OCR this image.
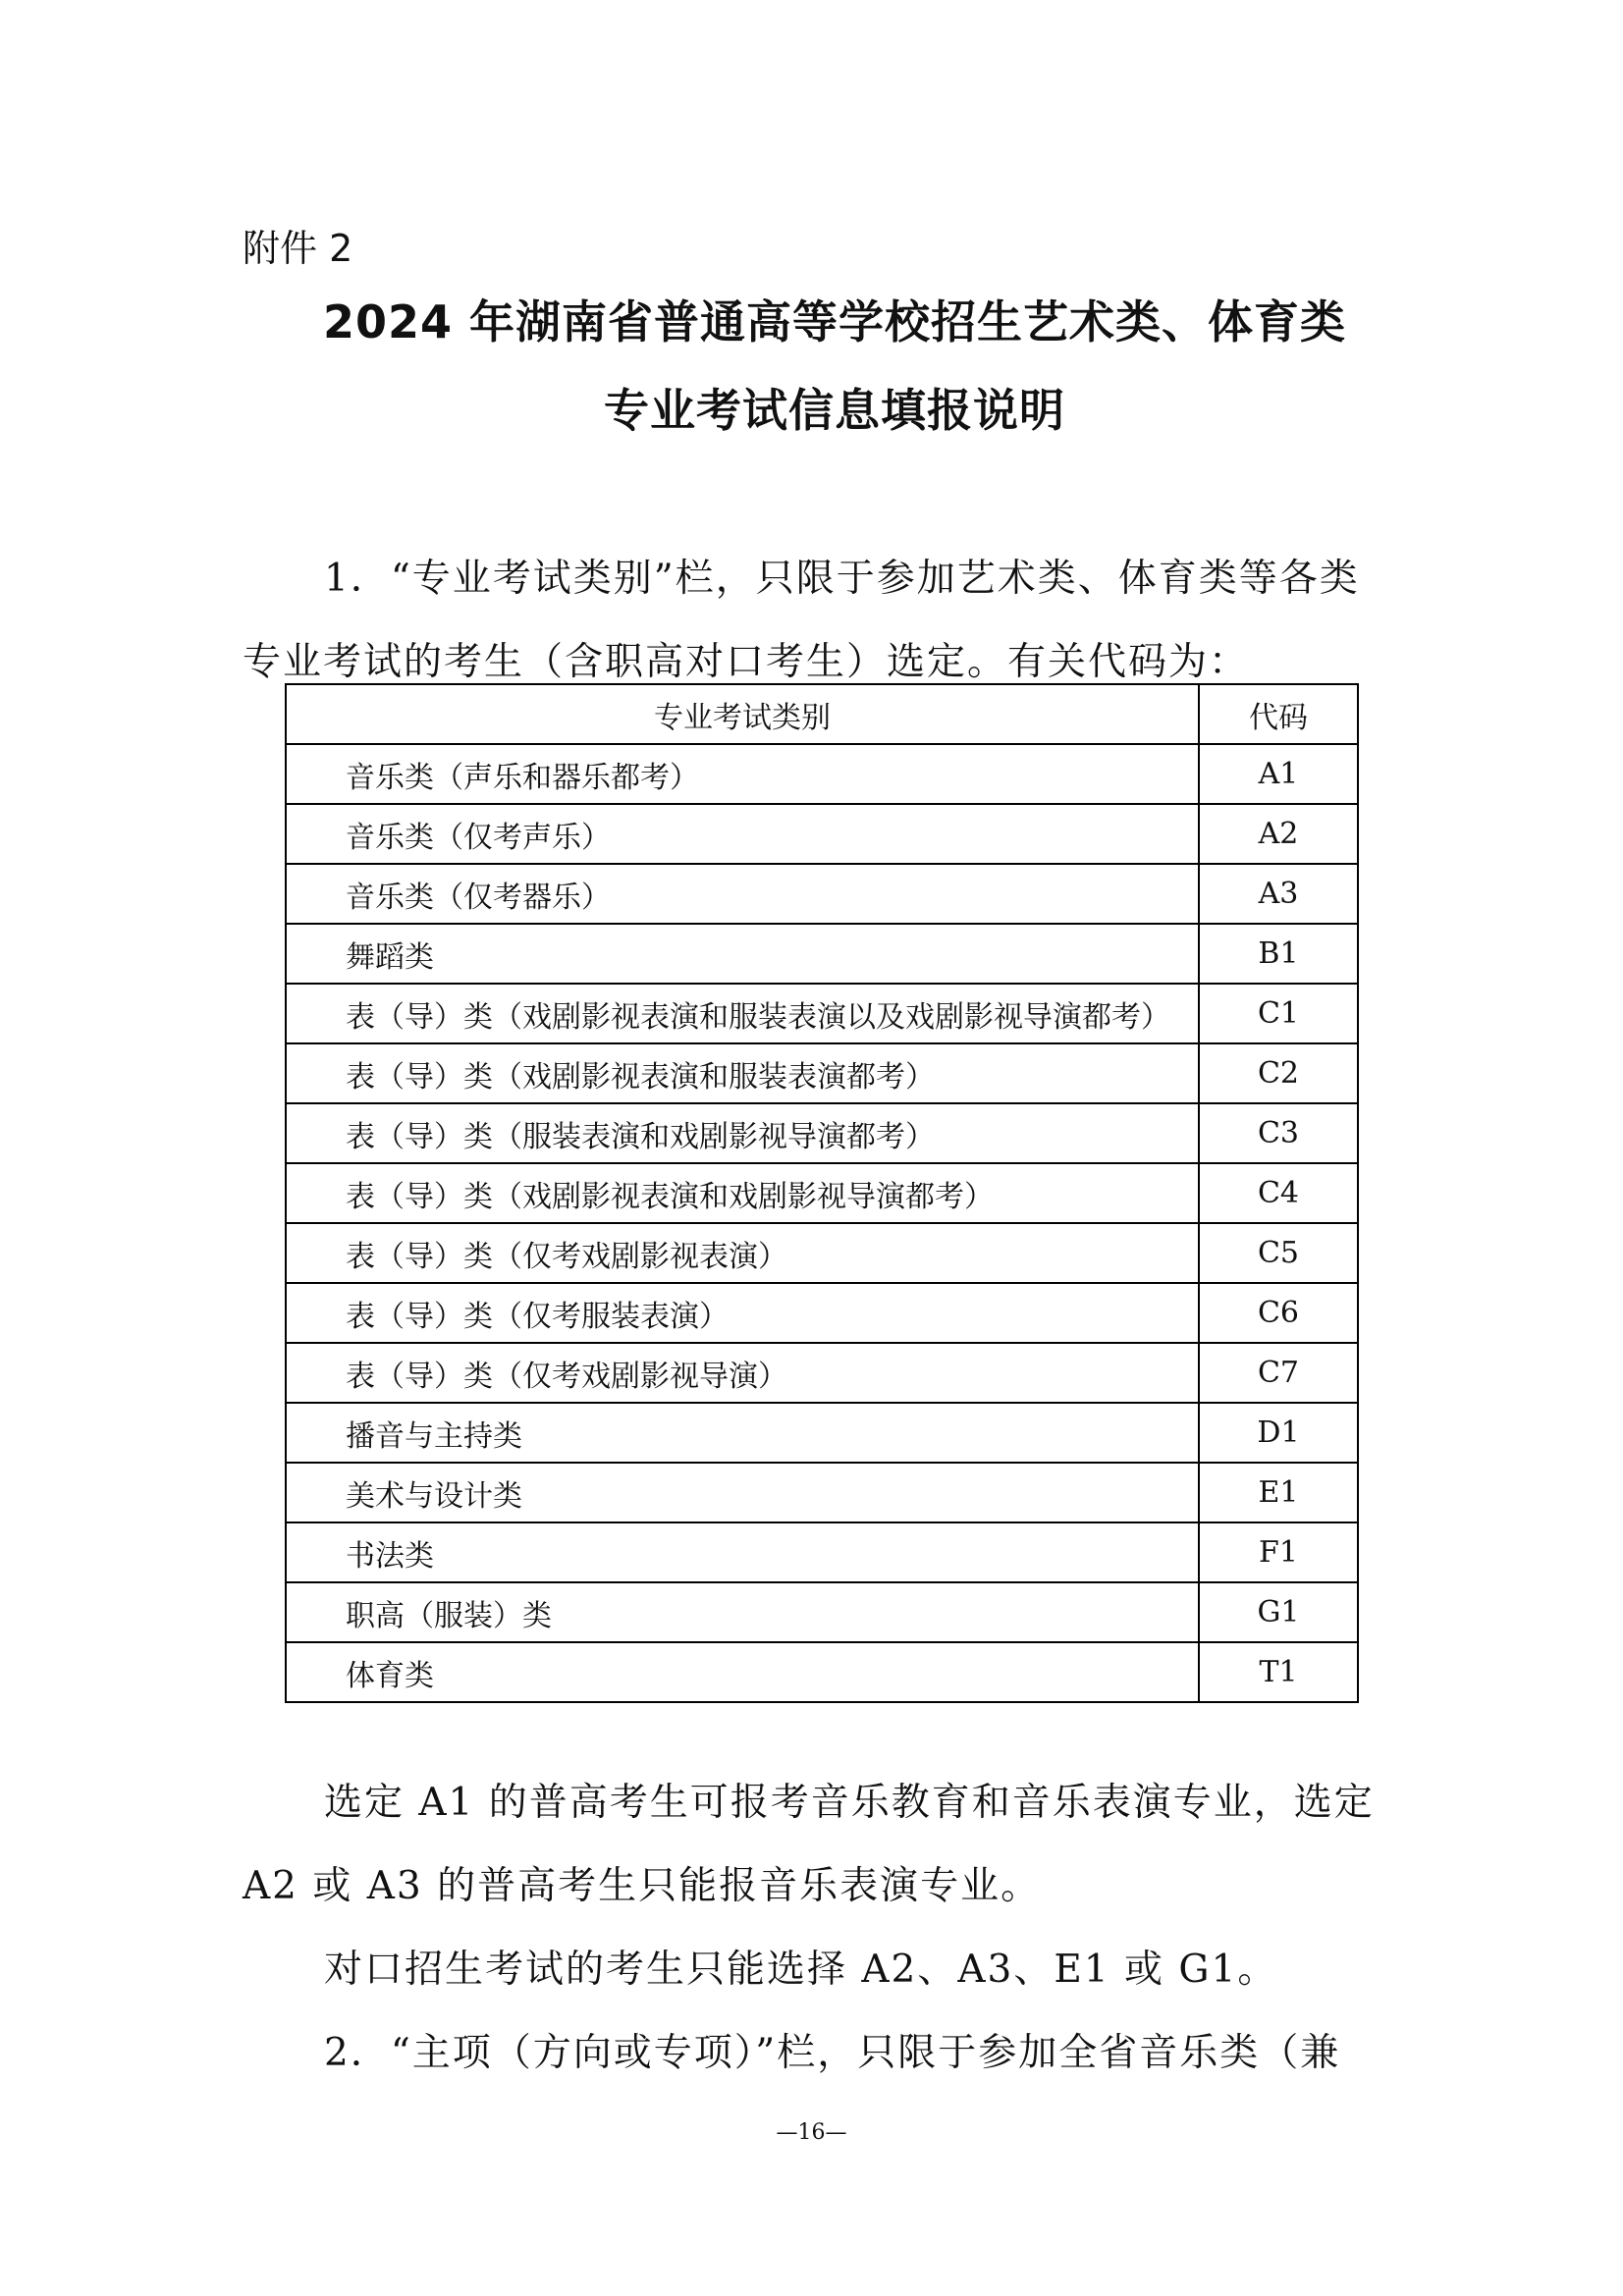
附件 2
2024 年湖南省普通高等学校招生艺术类、体育类
专业考试信息填报说明
1．“专业考试类别”栏，只限于参加艺术类、体育类等各类
专业考试的考生（含职高对口考生）选定。有关代码为：
专业考试类别	代码
音乐类（声乐和器乐都考）	A1
音乐类（仅考声乐）	A2
音乐类（仅考器乐）	A3
舞蹈类	B1
表（导）类（戏剧影视表演和服装表演以及戏剧影视导演都考）	C1
表（导）类（戏剧影视表演和服装表演都考）	C2
表（导）类（服装表演和戏剧影视导演都考）	C3
表（导）类（戏剧影视表演和戏剧影视导演都考）	C4
表（导）类（仅考戏剧影视表演）	C5
表（导）类（仅考服装表演）	C6
表（导）类（仅考戏剧影视导演）	C7
播音与主持类	D1
美术与设计类	E1
书法类	F1
职高（服装）类	G1
体育类	T1
选定 A1 的普高考生可报考音乐教育和音乐表演专业，选定
A2 或 A3 的普高考生只能报音乐表演专业。
对口招生考试的考生只能选择 A2、A3、E1 或 G1。
2．“主项（方向或专项）”栏，只限于参加全省音乐类（兼
—16—
